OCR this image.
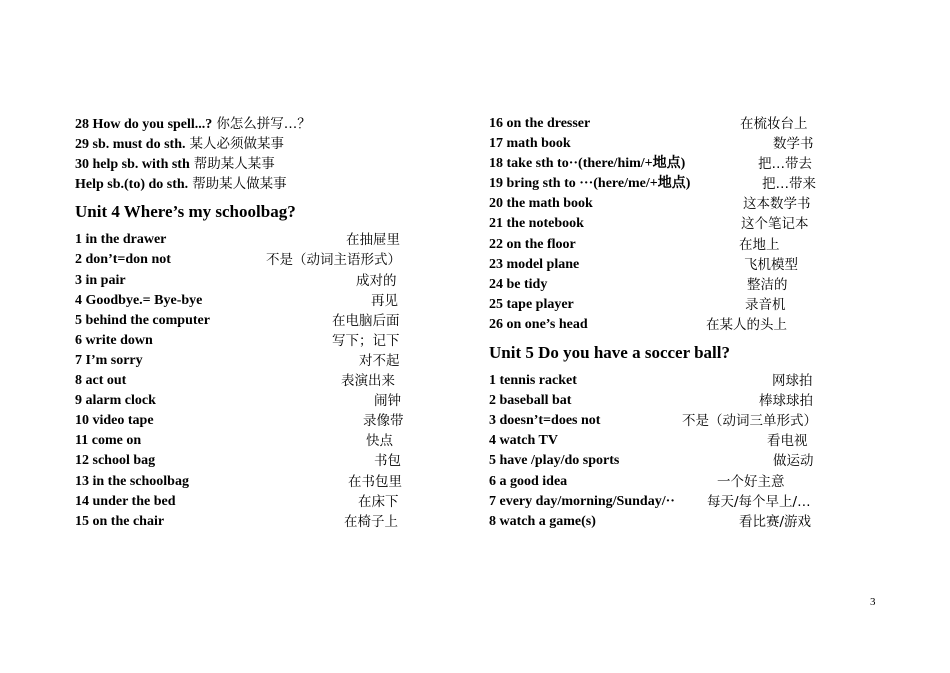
28 How do you spell...? 你怎么拼写…？
29 sb. must do sth. 某人必须做某事
30 help sb. with sth 帮助某人某事
Help sb.(to) do sth. 帮助某人做某事
Unit 4 Where’s my schoolbag?
1 in the drawer	在抽屉里
2 don’t=don not	不是（动词主语形式）
3 in pair	成对的
4 Goodbye.= Bye-bye	再见
5 behind the computer	在电脑后面
6 write down	写下；记下
7 I’m sorry	对不起
8 act out	表演出来
9 alarm clock	闹钟
10 video tape	录像带
11 come on	快点
12 school bag	书包
13 in the schoolbag	在书包里
14 under the bed	在床下
15 on the chair	在椅子上
16 on the dresser	在梳妆台上
17 math book	数学书
18 take sth to··(there/him/+地点)	把…带去
19 bring sth to ···(here/me/+地点)	把…带来
20 the math book	这本数学书
21 the notebook	这个笔记本
22 on the floor	在地上
23 model plane	飞机模型
24 be tidy	整洁的
25 tape player	录音机
26 on one’s head	在某人的头上
Unit 5 Do you have a soccer ball?
1 tennis racket	网球拍
2 baseball bat	棒球球拍
3 doesn’t=does not	不是（动词三单形式）
4 watch TV	看电视
5 have /play/do sports	做运动
6 a good idea	一个好主意
7 every day/morning/Sunday/·· 每天/每个早上/…
8 watch a game(s)	看比赛/游戏
3
